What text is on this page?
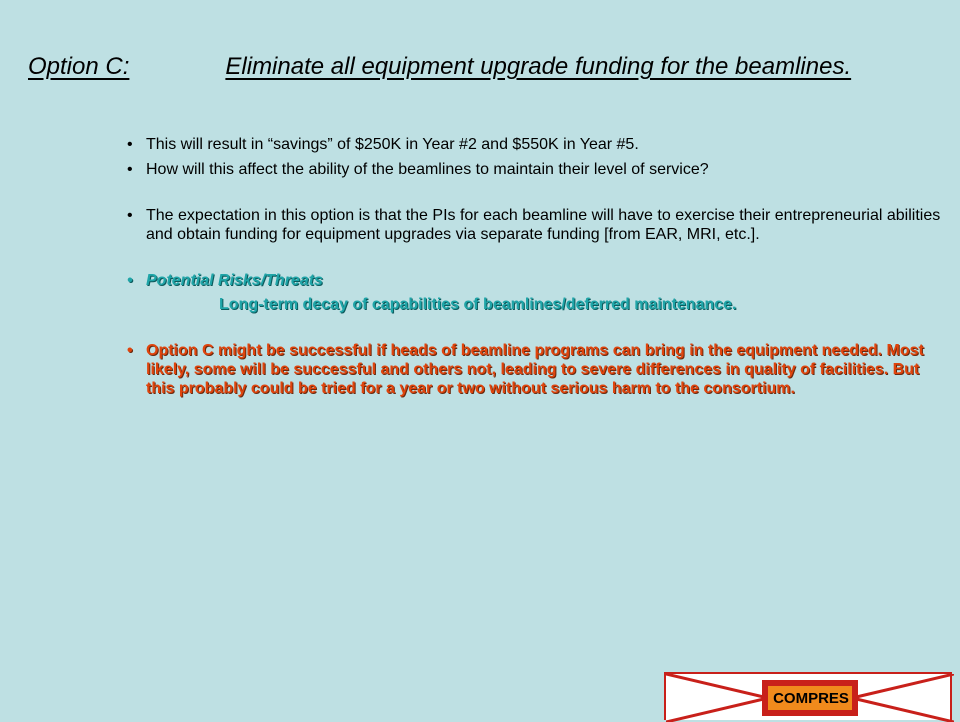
Option C:	Eliminate all equipment upgrade funding for the beamlines.
• This will result in “savings” of $250K in Year #2 and $550K in Year #5.
• How will this affect the ability of the beamlines to maintain their level of service?
• The expectation in this option is that the PIs for each beamline will have to exercise their entrepreneurial abilities and obtain funding for equipment upgrades via separate funding [from EAR, MRI, etc.].
• Potential Risks/Threats
Long-term decay of capabilities of beamlines/deferred maintenance.
• Option C might be successful if heads of beamline programs can bring in the equipment needed. Most likely, some will be successful and others not, leading to severe differences in quality of facilities. But this probably could be tried for a year or two without serious harm to the consortium.
COMPRES
